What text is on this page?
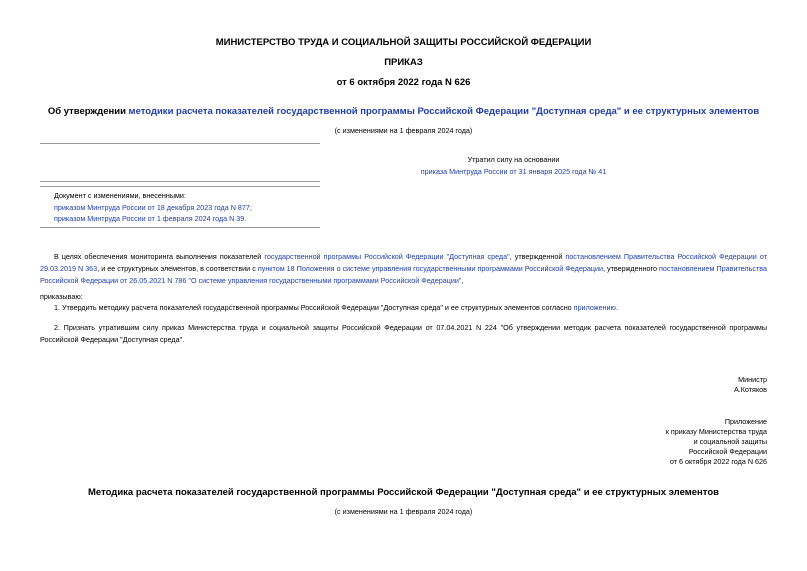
МИНИСТЕРСТВО ТРУДА И СОЦИАЛЬНОЙ ЗАЩИТЫ РОССИЙСКОЙ ФЕДЕРАЦИИ
ПРИКАЗ
от 6 октября 2022 года N 626
Об утверждении методики расчета показателей государственной программы Российской Федерации "Доступная среда" и ее структурных элементов
(с изменениями на 1 февраля 2024 года)
Утратил силу на основании
приказа Минтруда России от 31 января 2025 года № 41
Документ с изменениями, внесенными:
приказом Минтруда России от 18 декабря 2023 года N 877;
приказом Минтруда России от 1 февраля 2024 года N 39.
В целях обеспечения мониторинга выполнения показателей государственной программы Российской Федерации "Доступная среда", утвержденной постановлением Правительства Российской Федерации от 29.03.2019 N 363, и ее структурных элементов, в соответствии с пунктом 18 Положения о системе управления государственными программами Российской Федерации, утвержденного постановлением Правительства Российской Федерации от 26.05.2021 N 786 "О системе управления государственными программами Российской Федерации",
приказываю:
1. Утвердить методику расчета показателей государственной программы Российской Федерации "Доступная среда" и ее структурных элементов согласно приложению.
2. Признать утратившим силу приказ Министерства труда и социальной защиты Российской Федерации от 07.04.2021 N 224 "Об утверждении методик расчета показателей государственной программы Российской Федерации "Доступная среда".
Министр
А.Котяков
Приложение
к приказу Министерства труда
и социальной защиты
Российской Федерации
от 6 октября 2022 года N 626
Методика расчета показателей государственной программы Российской Федерации "Доступная среда" и ее структурных элементов
(с изменениями на 1 февраля 2024 года)
